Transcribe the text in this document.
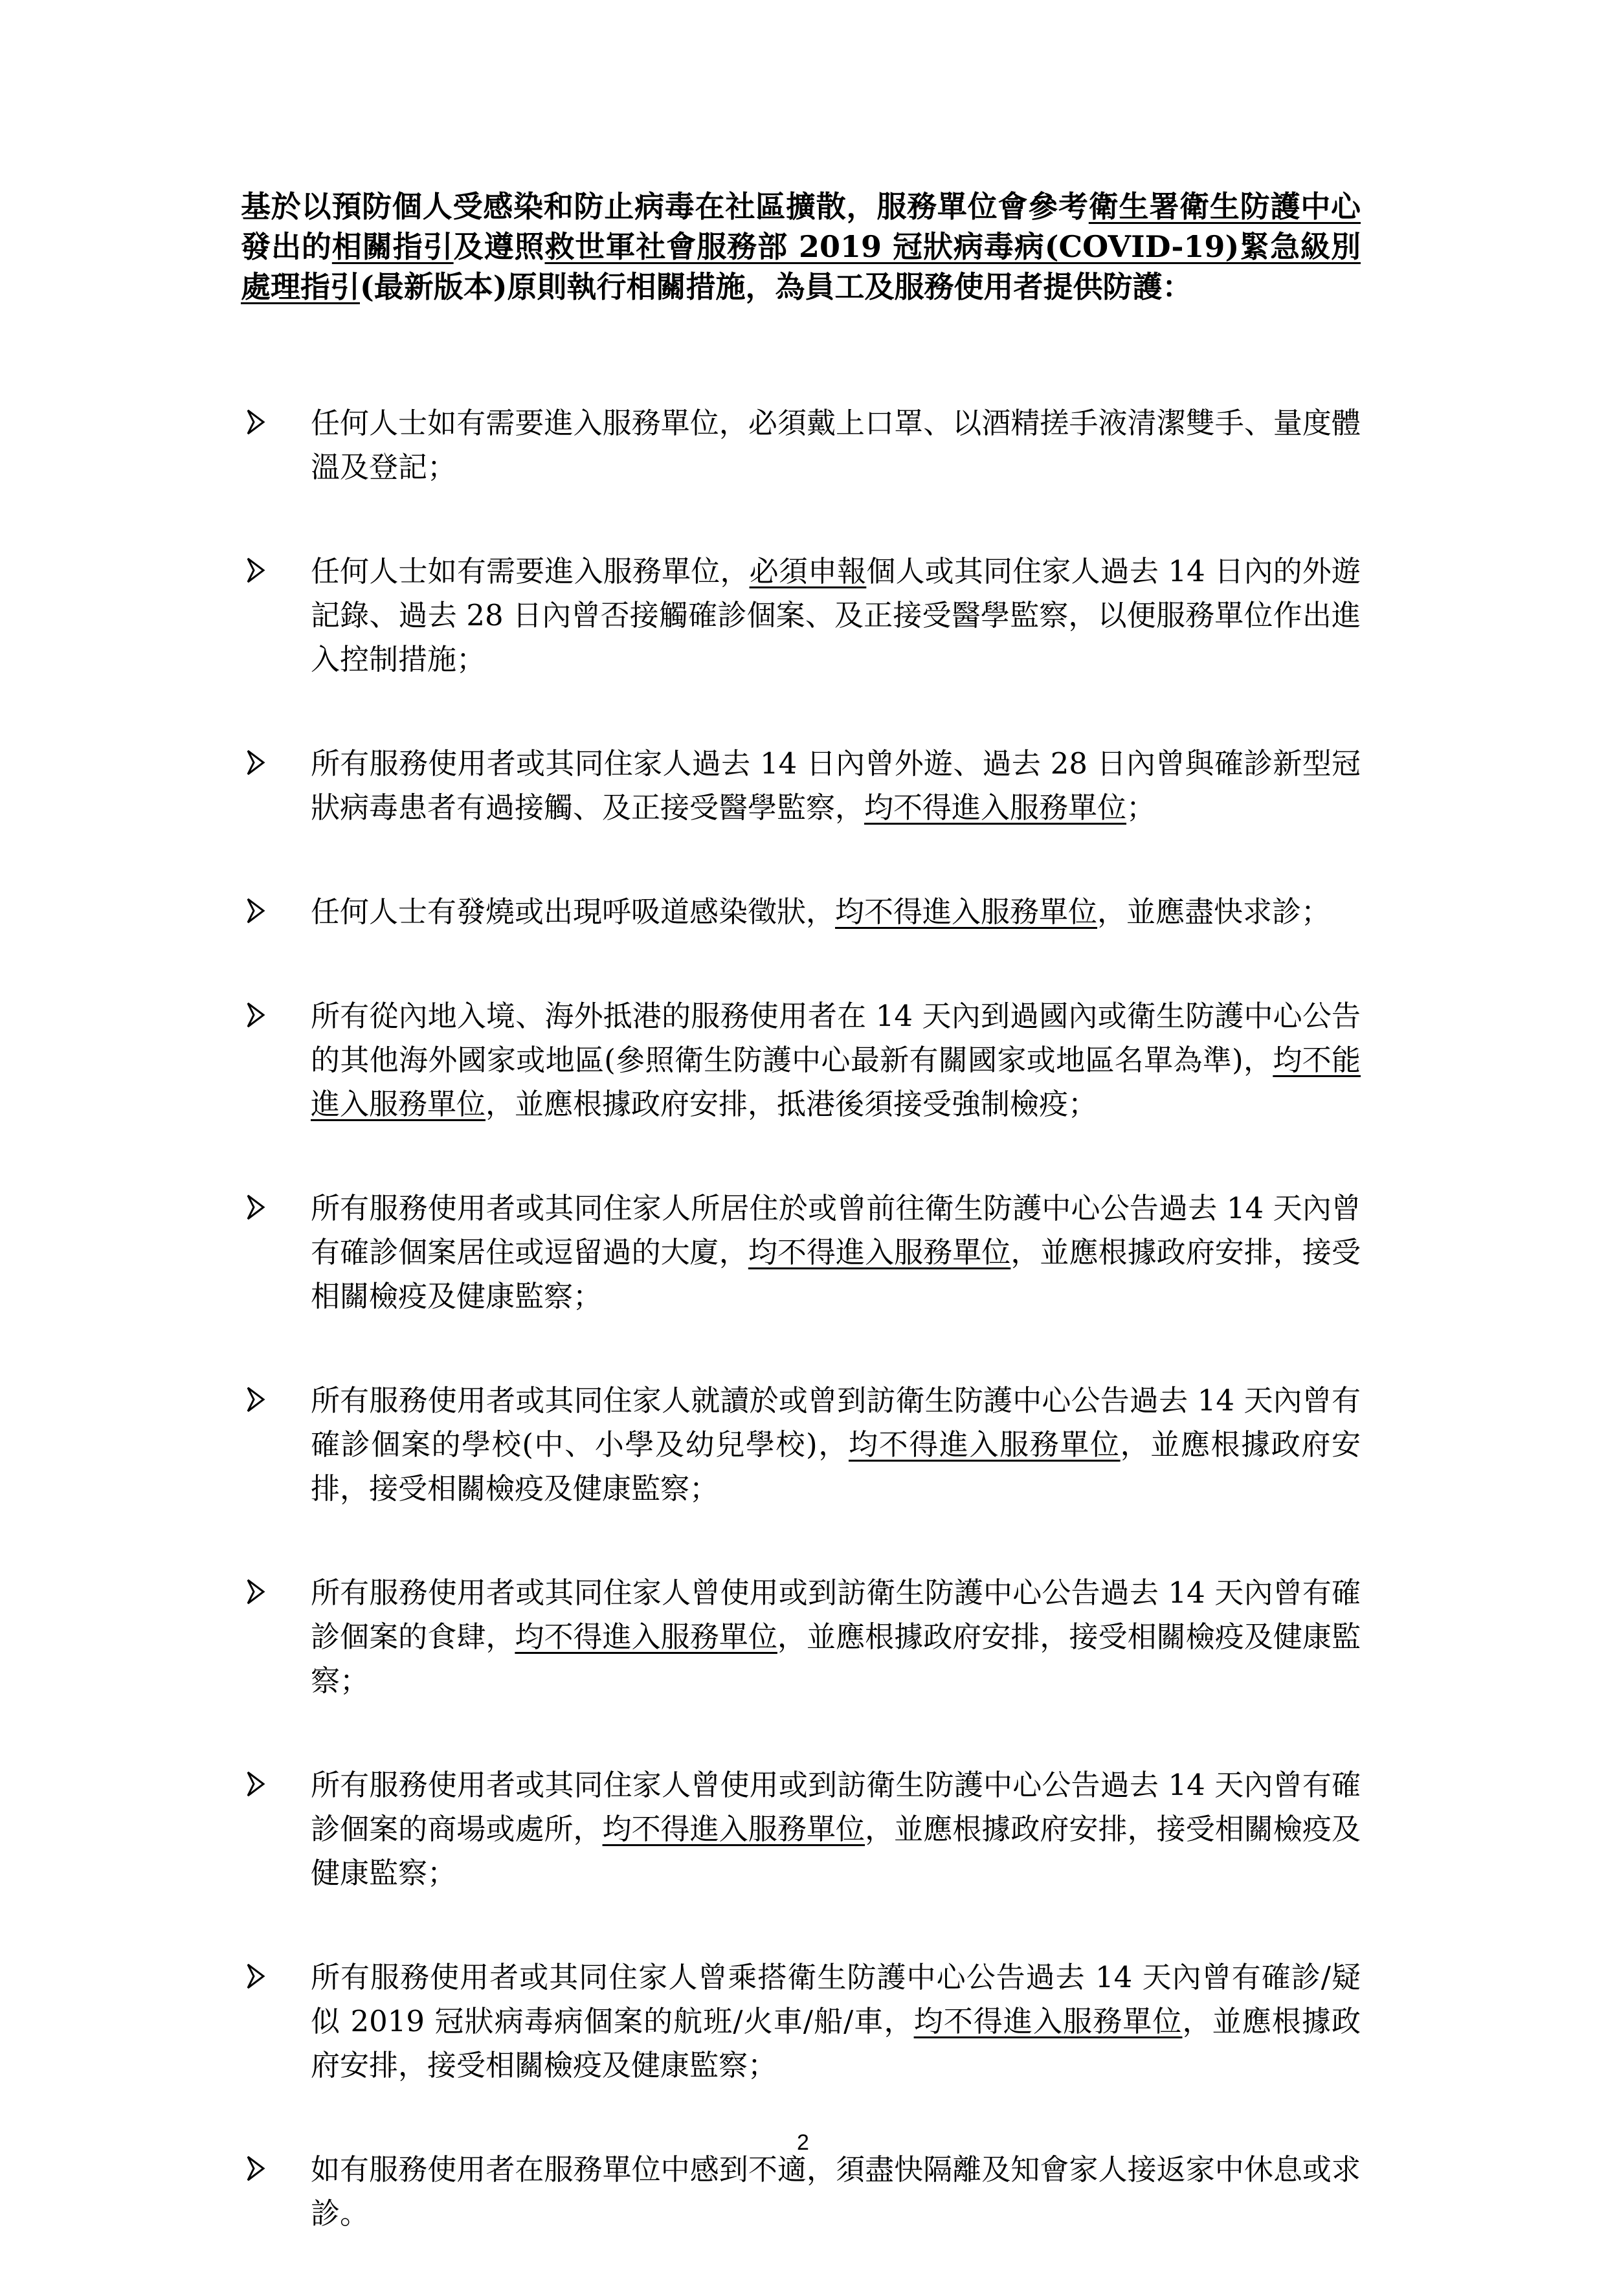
基於以預防個人受感染和防止病毒在社區擴散，服務單位會參考衛生署衛生防護中心發出的相關指引及遵照救世軍社會服務部 2019 冠狀病毒病(COVID-19)緊急級別處理指引(最新版本)原則執行相關措施，為員工及服務使用者提供防護：

任何人士如有需要進入服務單位，必須戴上口罩、以酒精搓手液清潔雙手、量度體溫及登記；
任何人士如有需要進入服務單位，必須申報個人或其同住家人過去 14 日內的外遊記錄、過去 28 日內曾否接觸確診個案、及正接受醫學監察，以便服務單位作出進入控制措施；
所有服務使用者或其同住家人過去 14 日內曾外遊、過去 28 日內曾與確診新型冠狀病毒患者有過接觸、及正接受醫學監察，均不得進入服務單位；
任何人士有發燒或出現呼吸道感染徵狀，均不得進入服務單位，並應盡快求診；
所有從內地入境、海外抵港的服務使用者在 14 天內到過國內或衛生防護中心公告的其他海外國家或地區(參照衛生防護中心最新有關國家或地區名單為準)，均不能進入服務單位，並應根據政府安排，抵港後須接受強制檢疫；
所有服務使用者或其同住家人所居住於或曾前往衛生防護中心公告過去 14 天內曾有確診個案居住或逗留過的大廈，均不得進入服務單位，並應根據政府安排，接受相關檢疫及健康監察；
所有服務使用者或其同住家人就讀於或曾到訪衛生防護中心公告過去 14 天內曾有確診個案的學校(中、小學及幼兒學校)，均不得進入服務單位，並應根據政府安排，接受相關檢疫及健康監察；
所有服務使用者或其同住家人曾使用或到訪衛生防護中心公告過去 14 天內曾有確診個案的食肆，均不得進入服務單位，並應根據政府安排，接受相關檢疫及健康監察；
所有服務使用者或其同住家人曾使用或到訪衛生防護中心公告過去 14 天內曾有確診個案的商場或處所，均不得進入服務單位，並應根據政府安排，接受相關檢疫及健康監察；
所有服務使用者或其同住家人曾乘搭衛生防護中心公告過去 14 天內曾有確診/疑似 2019 冠狀病毒病個案的航班/火車/船/車，均不得進入服務單位，並應根據政府安排，接受相關檢疫及健康監察；
如有服務使用者在服務單位中感到不適，須盡快隔離及知會家人接返家中休息或求診。

2
